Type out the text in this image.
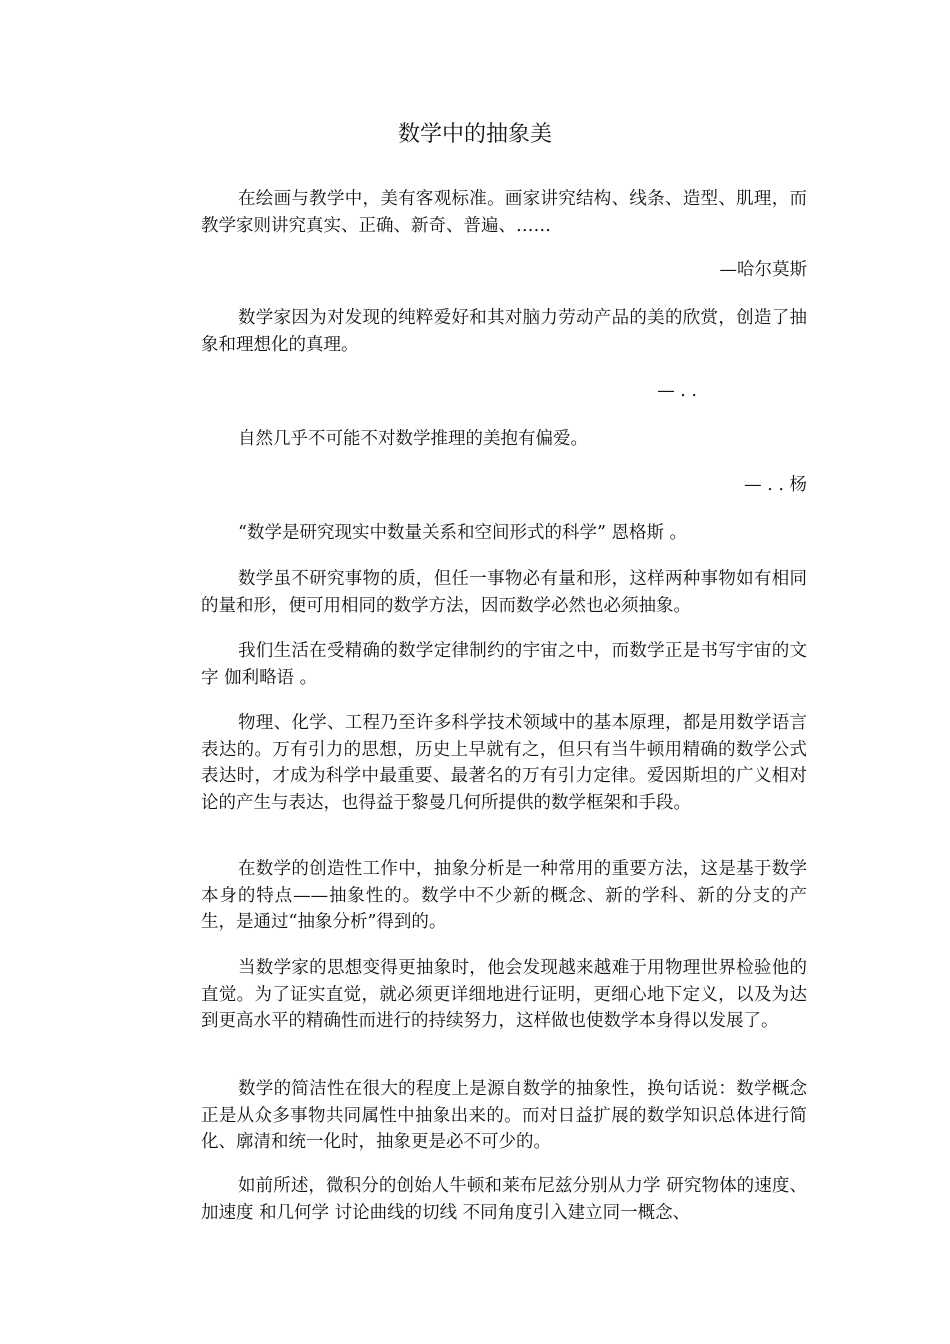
数学中的抽象美

在绘画与教学中，美有客观标准。画家讲究结构、线条、造型、肌理，而教学家则讲究真实、正确、新奇、普遍、……

—哈尔莫斯

数学家因为对发现的纯粹爱好和其对脑力劳动产品的美的欣赏，创造了抽象和理想化的真理。

— . .

自然几乎不可能不对数学推理的美抱有偏爱。

— . . 杨

“数学是研究现实中数量关系和空间形式的科学” 恩格斯 。

数学虽不研究事物的质，但任一事物必有量和形，这样两种事物如有相同的量和形，便可用相同的数学方法，因而数学必然也必须抽象。

我们生活在受精确的数学定律制约的宇宙之中，而数学正是书写宇宙的文字 伽利略语 。

物理、化学、工程乃至许多科学技术领域中的基本原理，都是用数学语言表达的。万有引力的思想，历史上早就有之，但只有当牛顿用精确的数学公式表达时，才成为科学中最重要、最著名的万有引力定律。爱因斯坦的广义相对论的产生与表达，也得益于黎曼几何所提供的数学框架和手段。

在数学的创造性工作中，抽象分析是一种常用的重要方法，这是基于数学本身的特点——抽象性的。数学中不少新的概念、新的学科、新的分支的产生，是通过“抽象分析”得到的。

当数学家的思想变得更抽象时，他会发现越来越难于用物理世界检验他的直觉。为了证实直觉，就必须更详细地进行证明，更细心地下定义，以及为达到更高水平的精确性而进行的持续努力，这样做也使数学本身得以发展了。

数学的简洁性在很大的程度上是源自数学的抽象性，换句话说：数学概念正是从众多事物共同属性中抽象出来的。而对日益扩展的数学知识总体进行简化、廓清和统一化时，抽象更是必不可少的。

如前所述，微积分的创始人牛顿和莱布尼兹分别从力学 研究物体的速度、加速度 和几何学 讨论曲线的切线 不同角度引入建立同一概念、
